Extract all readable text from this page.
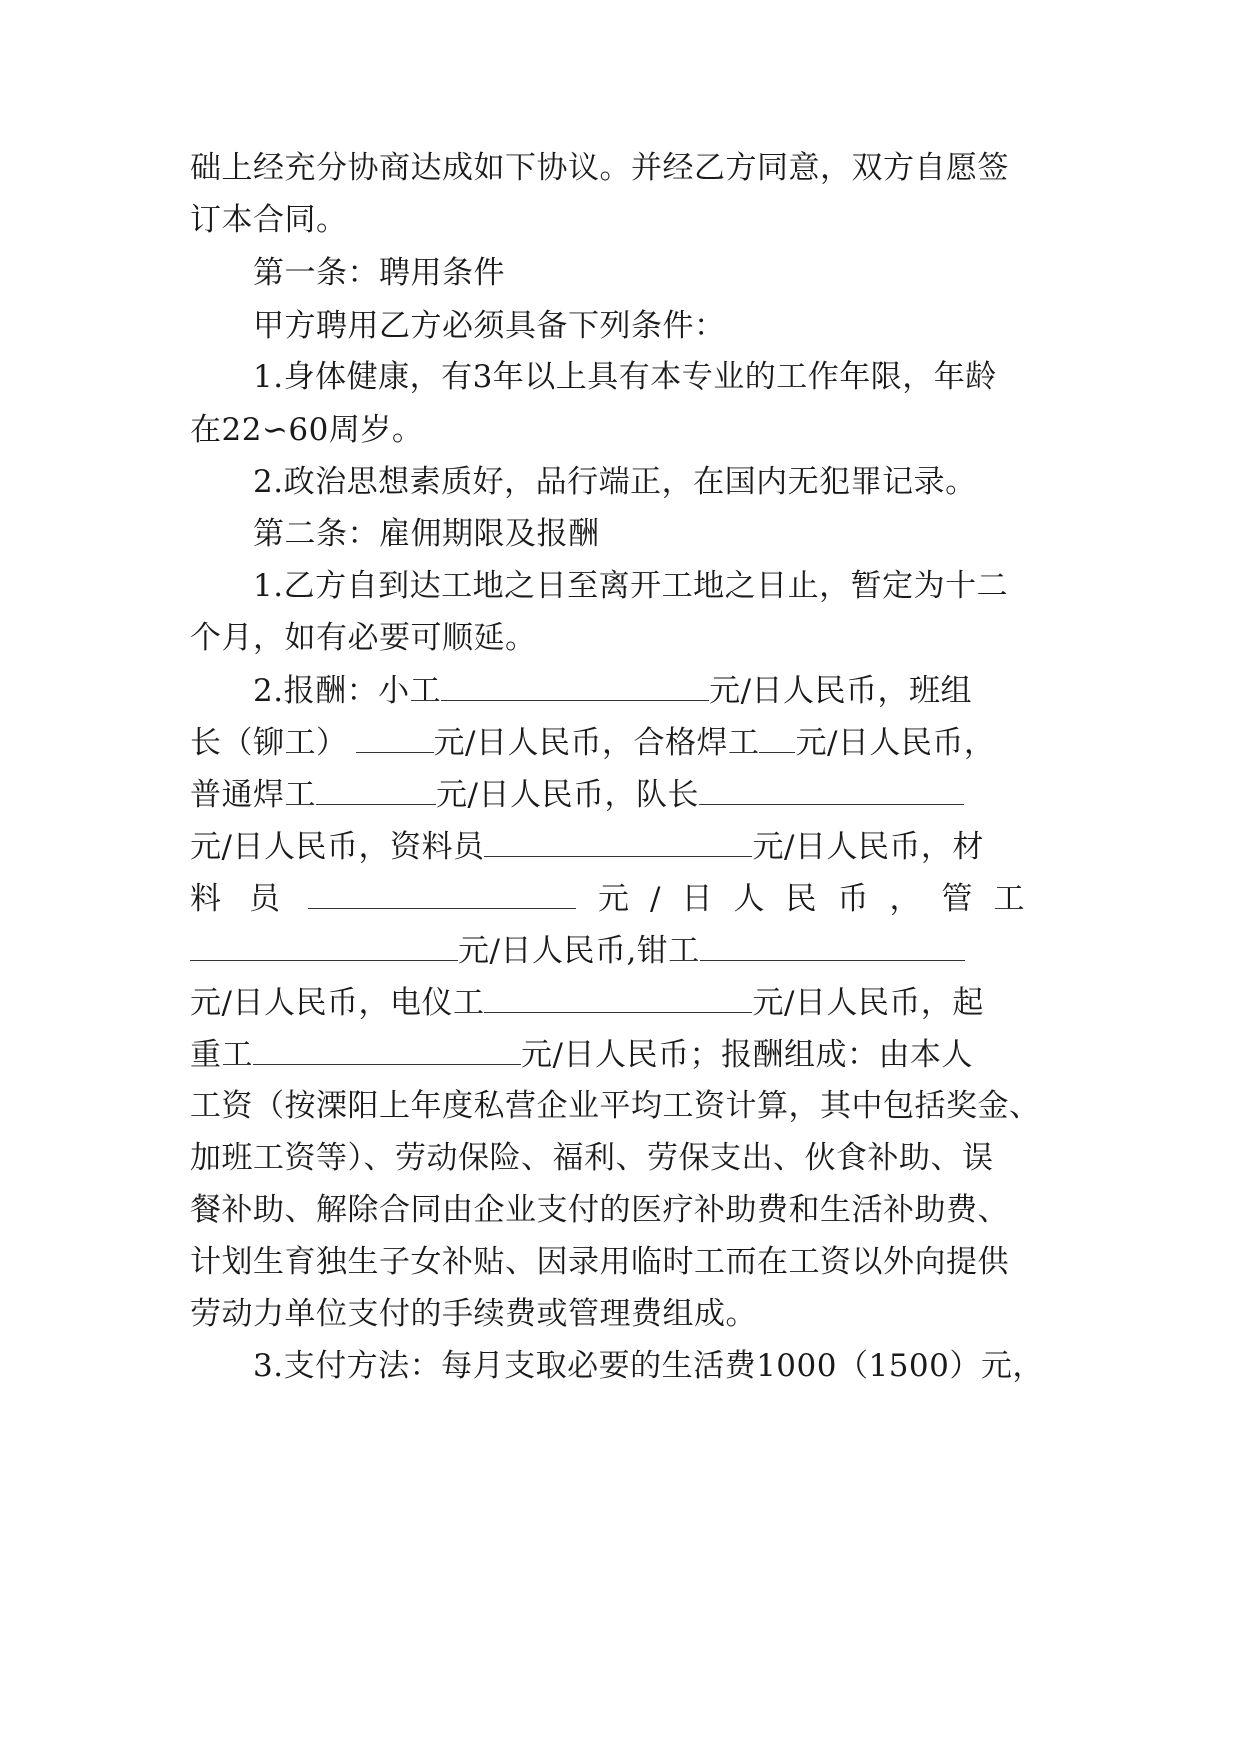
础上经充分协商达成如下协议。并经乙方同意，双方自愿签
订本合同。
第一条：聘用条件
甲方聘用乙方必须具备下列条件：
1.身体健康，有3年以上具有本专业的工作年限，年龄
在22∽60周岁。
2.政治思想素质好，品行端正，在国内无犯罪记录。
第二条：雇佣期限及报酬
1.乙方自到达工地之日至离开工地之日止，暂定为十二
个月，如有必要可顺延。
2.报酬：小工	元/日人民币，班组
长（铆工）	元/日人民币，合格焊工 元/日人民币，
普通焊工	元/日人民币，队长
元/日人民币，资料员	元/日人民币，材
料员	元/日人民币，管工
元/日人民币,钳工
元/日人民币，电仪工	元/日人民币，起
重工	元/日人民币；报酬组成：由本人
工资（按溧阳上年度私营企业平均工资计算，其中包括奖金、
加班工资等）、劳动保险、福利、劳保支出、伙食补助、误
餐补助、解除合同由企业支付的医疗补助费和生活补助费、
计划生育独生子女补贴、因录用临时工而在工资以外向提供
劳动力单位支付的手续费或管理费组成。
3.支付方法：每月支取必要的生活费1000（1500）元，
